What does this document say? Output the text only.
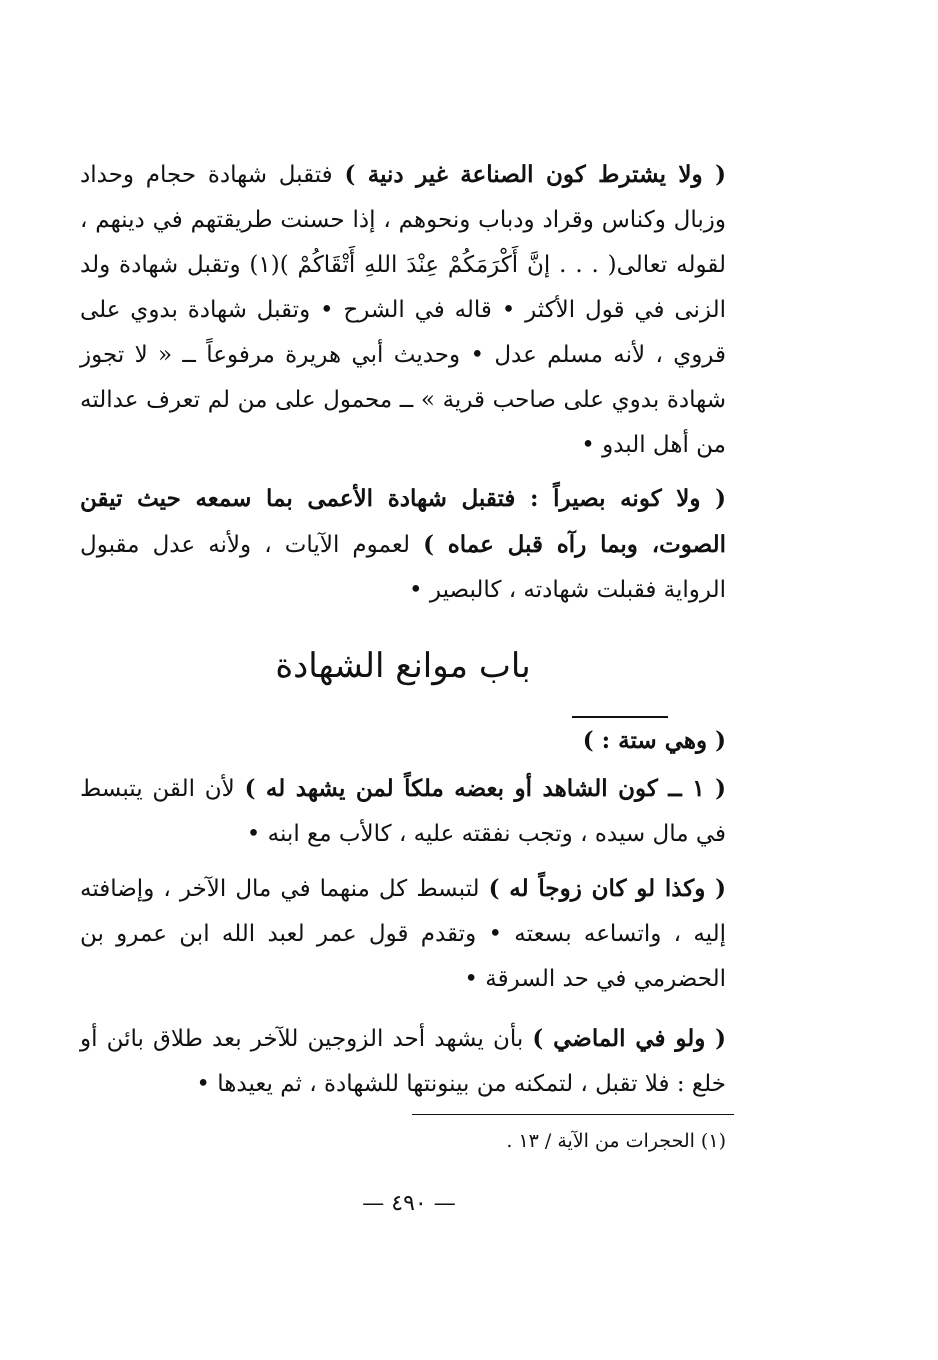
( ولا يشترط كون الصناعة غير دنية ) فتقبل شهادة حجام وحداد وزبال وكناس وقراد ودباب ونحوهم ، إذا حسنت طريقتهم في دينهم ، لقوله تعالى( . . . إنَّ أَكْرَمَكُمْ عِنْدَ اللهِ أَتْقَاكُمْ )(١) وتقبل شهادة ولد الزنى في قول الأكثر • قاله في الشرح • وتقبل شهادة بدوي على قروي ، لأنه مسلم عدل • وحديث أبي هريرة مرفوعاً ــ « لا تجوز شهادة بدوي على صاحب قرية » ــ محمول على من لم تعرف عدالته من أهل البدو •
( ولا كونه بصيراً : فتقبل شهادة الأعمى بما سمعه حيث تيقن الصوت، وبما رآه قبل عماه ) لعموم الآيات ، ولأنه عدل مقبول الرواية فقبلت شهادته ، كالبصير •
باب موانع الشهادة
( وهي ستة : )
( ١ ــ كون الشاهد أو بعضه ملكاً لمن يشهد له ) لأن القن يتبسط في مال سيده ، وتجب نفقته عليه ، كالأب مع ابنه •
( وكذا لو كان زوجاً له ) لتبسط كل منهما في مال الآخر ، وإضافته إليه ، واتساعه بسعته • وتقدم قول عمر لعبد الله ابن عمرو بن الحضرمي في حد السرقة •
( ولو في الماضي ) بأن يشهد أحد الزوجين للآخر بعد طلاق بائن أو خلع : فلا تقبل ، لتمكنه من بينونتها للشهادة ، ثم يعيدها •
(١) الحجرات من الآية / ١٣ .
— ٤٩٠ —
